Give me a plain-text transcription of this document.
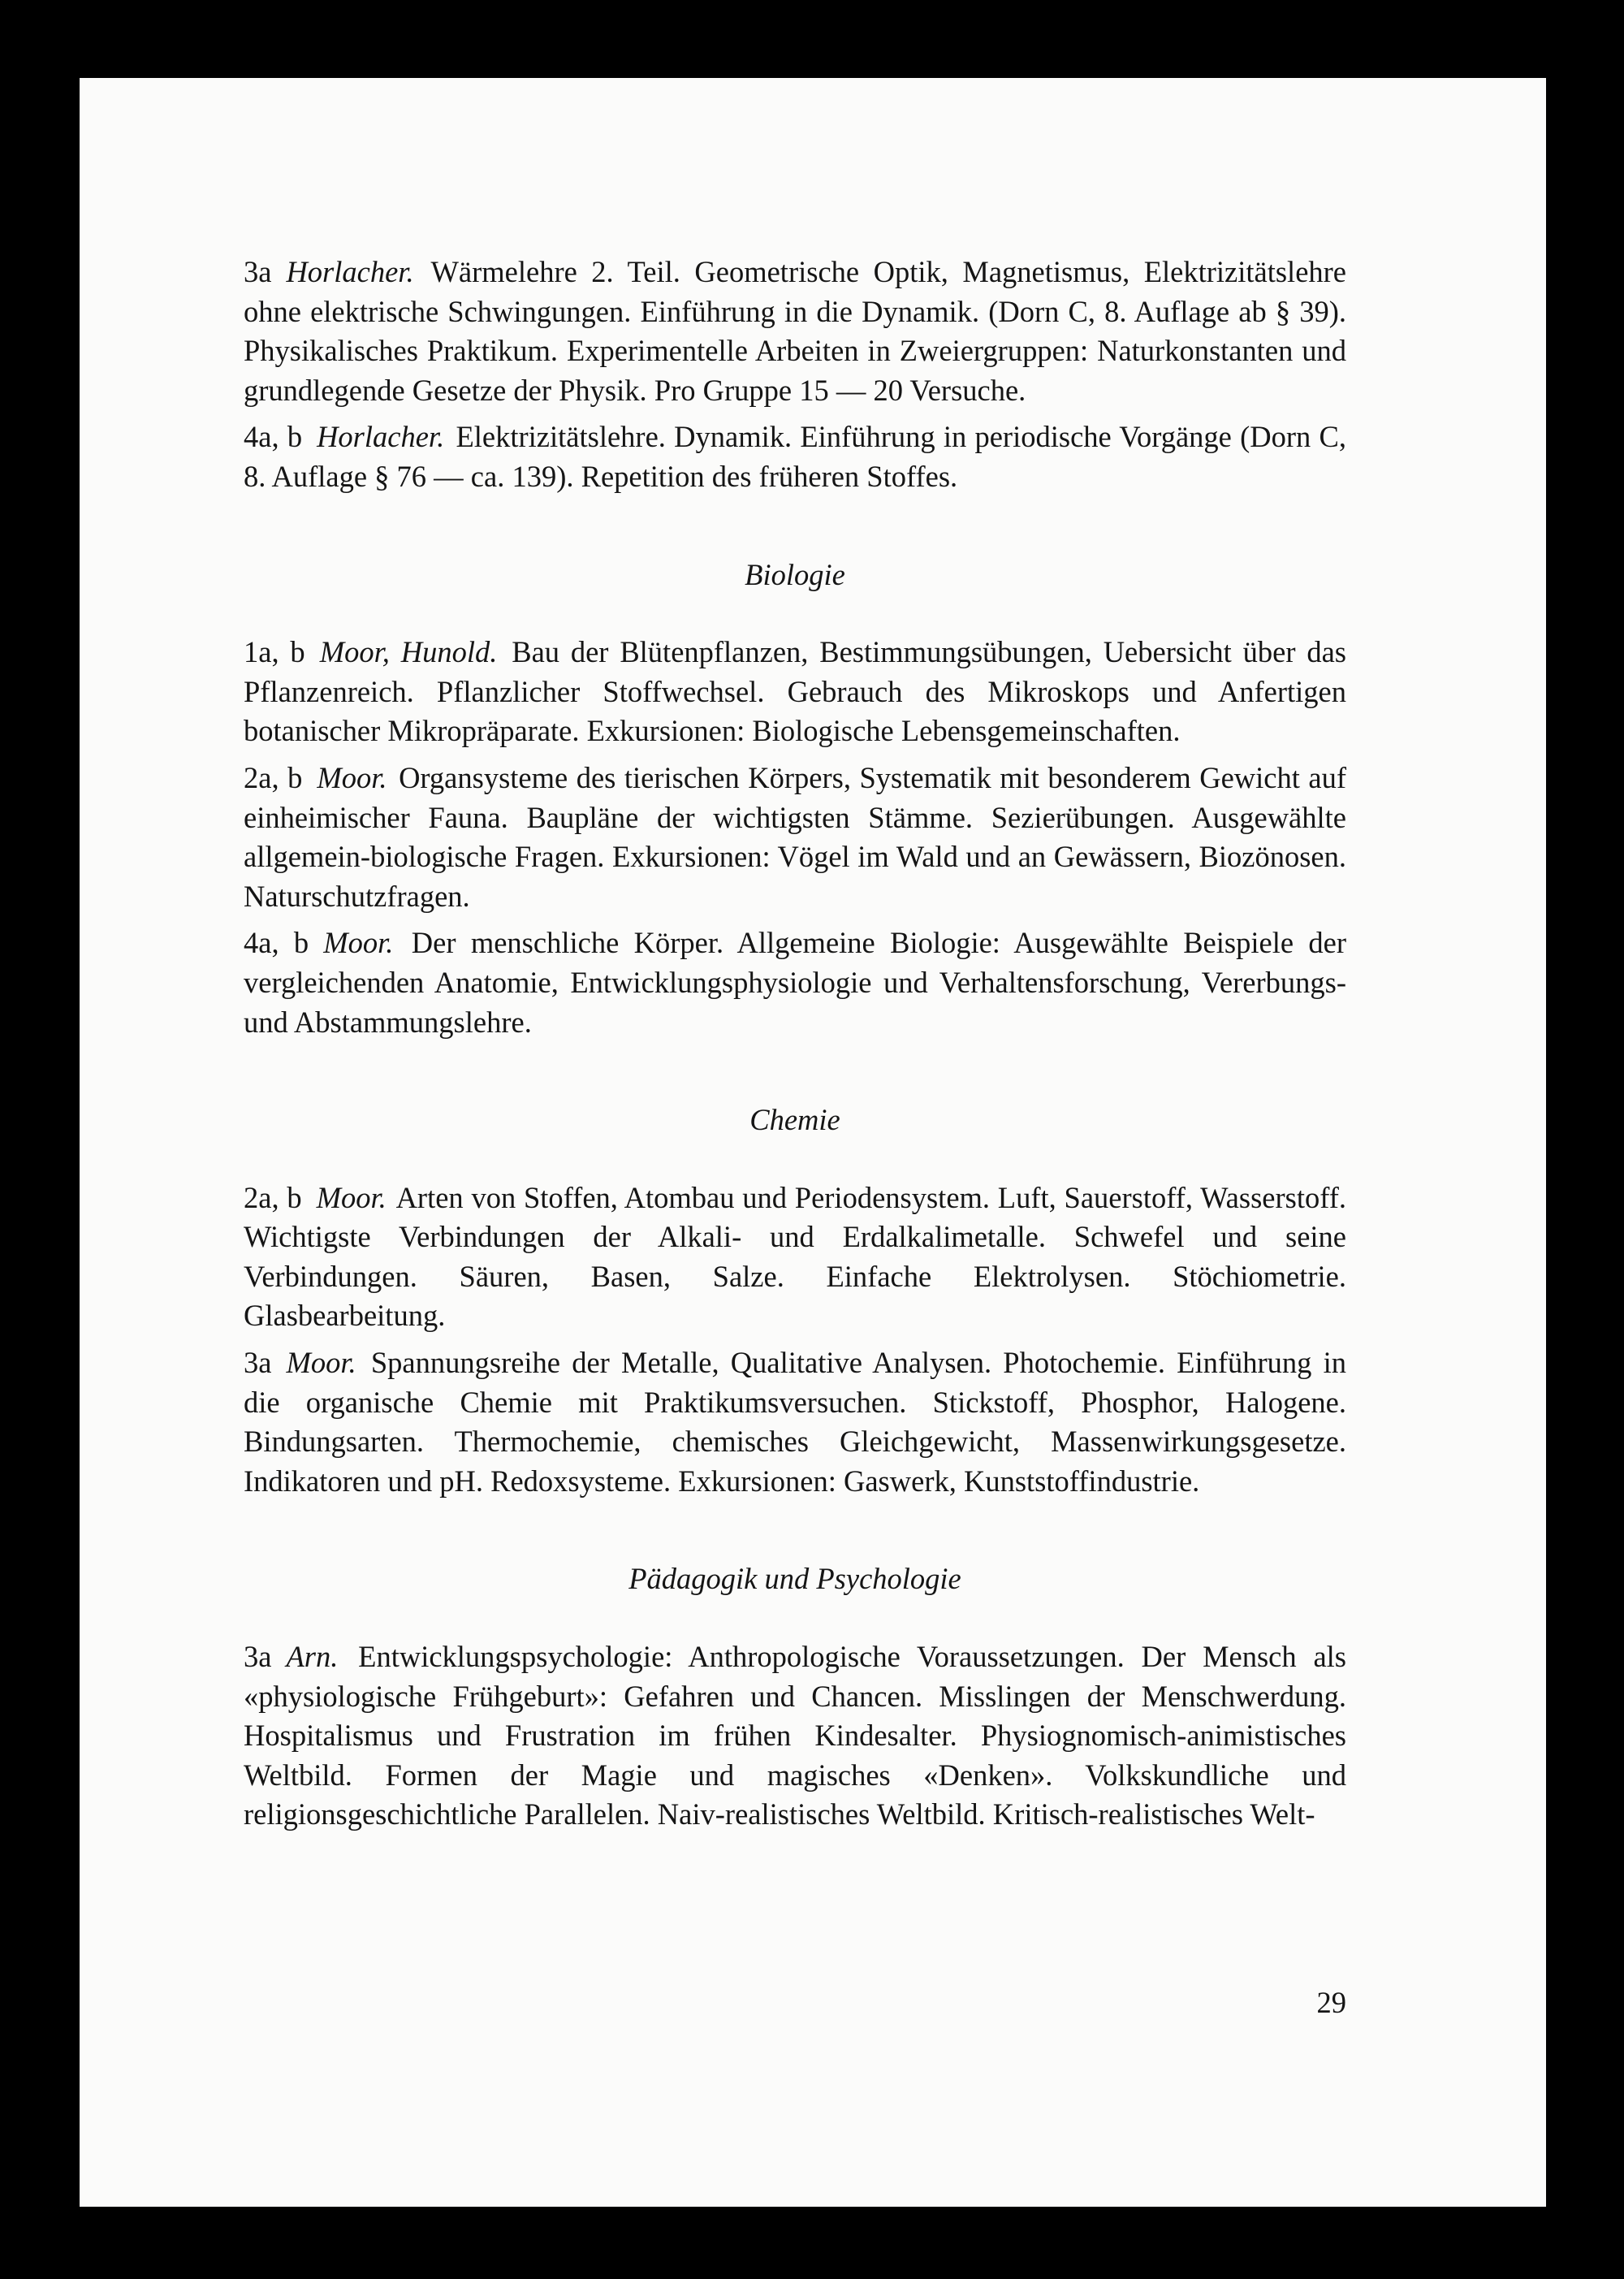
3a Horlacher. Wärmelehre 2. Teil. Geometrische Optik, Magnetismus, Elektrizitätslehre ohne elektrische Schwingungen. Einführung in die Dynamik. (Dorn C, 8. Auflage ab § 39). Physikalisches Praktikum. Experimentelle Arbeiten in Zweiergruppen: Naturkonstanten und grundlegende Gesetze der Physik. Pro Gruppe 15 — 20 Versuche.

4a, b Horlacher. Elektrizitätslehre. Dynamik. Einführung in periodische Vorgänge (Dorn C, 8. Auflage § 76 — ca. 139). Repetition des früheren Stoffes.

Biologie

1a, b Moor, Hunold. Bau der Blütenpflanzen, Bestimmungsübungen, Uebersicht über das Pflanzenreich. Pflanzlicher Stoffwechsel. Gebrauch des Mikroskops und Anfertigen botanischer Mikropräparate. Exkursionen: Biologische Lebensgemeinschaften.

2a, b Moor. Organsysteme des tierischen Körpers, Systematik mit besonderem Gewicht auf einheimischer Fauna. Baupläne der wichtigsten Stämme. Sezierübungen. Ausgewählte allgemein-biologische Fragen. Exkursionen: Vögel im Wald und an Gewässern, Biozönosen. Naturschutzfragen.

4a, b Moor. Der menschliche Körper. Allgemeine Biologie: Ausgewählte Beispiele der vergleichenden Anatomie, Entwicklungsphysiologie und Verhaltensforschung, Vererbungs- und Abstammungslehre.

Chemie

2a, b Moor. Arten von Stoffen, Atombau und Periodensystem. Luft, Sauerstoff, Wasserstoff. Wichtigste Verbindungen der Alkali- und Erdalkalimetalle. Schwefel und seine Verbindungen. Säuren, Basen, Salze. Einfache Elektrolysen. Stöchiometrie. Glasbearbeitung.

3a Moor. Spannungsreihe der Metalle, Qualitative Analysen. Photochemie. Einführung in die organische Chemie mit Praktikumsversuchen. Stickstoff, Phosphor, Halogene. Bindungsarten. Thermochemie, chemisches Gleichgewicht, Massenwirkungsgesetze. Indikatoren und pH. Redoxsysteme. Exkursionen: Gaswerk, Kunststoffindustrie.

Pädagogik und Psychologie

3a Arn. Entwicklungspsychologie: Anthropologische Voraussetzungen. Der Mensch als «physiologische Frühgeburt»: Gefahren und Chancen. Misslingen der Menschwerdung. Hospitalismus und Frustration im frühen Kindesalter. Physiognomisch-animistisches Weltbild. Formen der Magie und magisches «Denken». Volkskundliche und religionsgeschichtliche Parallelen. Naiv-realistisches Weltbild. Kritisch-realistisches Welt-

29
